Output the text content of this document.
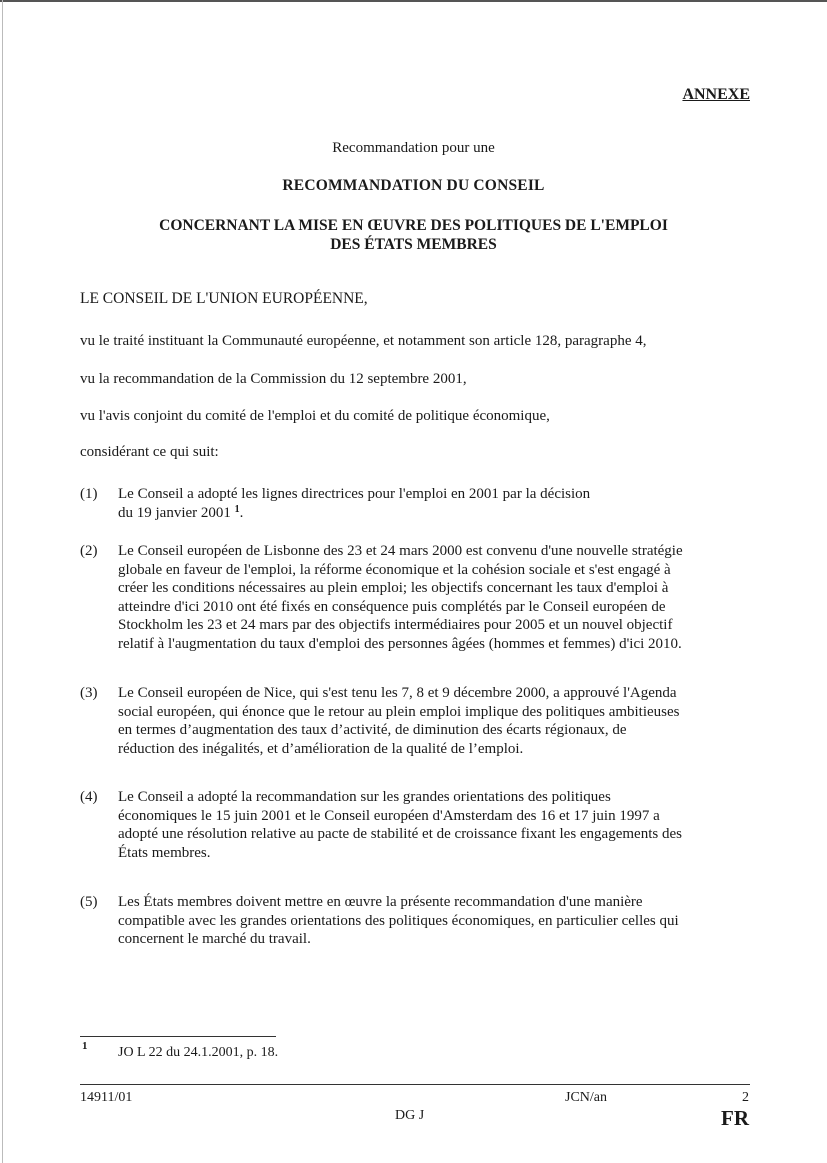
ANNEXE
Recommandation pour une
RECOMMANDATION DU CONSEIL
CONCERNANT LA MISE EN ŒUVRE DES POLITIQUES DE L'EMPLOI
DES ÉTATS MEMBRES
LE CONSEIL DE L'UNION EUROPÉENNE,
vu le traité instituant la Communauté européenne, et notamment son article 128, paragraphe 4,
vu la recommandation de la Commission du 12 septembre 2001,
vu l'avis conjoint du comité de l'emploi et du comité de politique économique,
considérant ce qui suit:
(1) Le Conseil a adopté les lignes directrices pour l'emploi en 2001 par la décision
du 19 janvier 2001 $^1$.
(2) Le Conseil européen de Lisbonne des 23 et 24 mars 2000 est convenu d'une nouvelle stratégie
globale en faveur de l'emploi, la réforme économique et la cohésion sociale et s'est engagé à
créer les conditions nécessaires au plein emploi; les objectifs concernant les taux d'emploi à
atteindre d'ici 2010 ont été fixés en conséquence puis complétés par le Conseil européen de
Stockholm les 23 et 24 mars par des objectifs intermédiaires pour 2005 et un nouvel objectif
relatif à l'augmentation du taux d'emploi des personnes âgées (hommes et femmes) d'ici 2010.
(3) Le Conseil européen de Nice, qui s'est tenu les 7, 8 et 9 décembre 2000, a approuvé l'Agenda
social européen, qui énonce que le retour au plein emploi implique des politiques ambitieuses
en termes d’augmentation des taux d’activité, de diminution des écarts régionaux, de
réduction des inégalités, et d’amélioration de la qualité de l’emploi.
(4) Le Conseil a adopté la recommandation sur les grandes orientations des politiques
économiques le 15 juin 2001 et le Conseil européen d'Amsterdam des 16 et 17 juin 1997 a
adopté une résolution relative au pacte de stabilité et de croissance fixant les engagements des
États membres.
(5) Les États membres doivent mettre en œuvre la présente recommandation d'une manière
compatible avec les grandes orientations des politiques économiques, en particulier celles qui
concernent le marché du travail.
1 JO L 22 du 24.1.2001, p. 18.
14911/01	JCN/an	2
DG J	FR
